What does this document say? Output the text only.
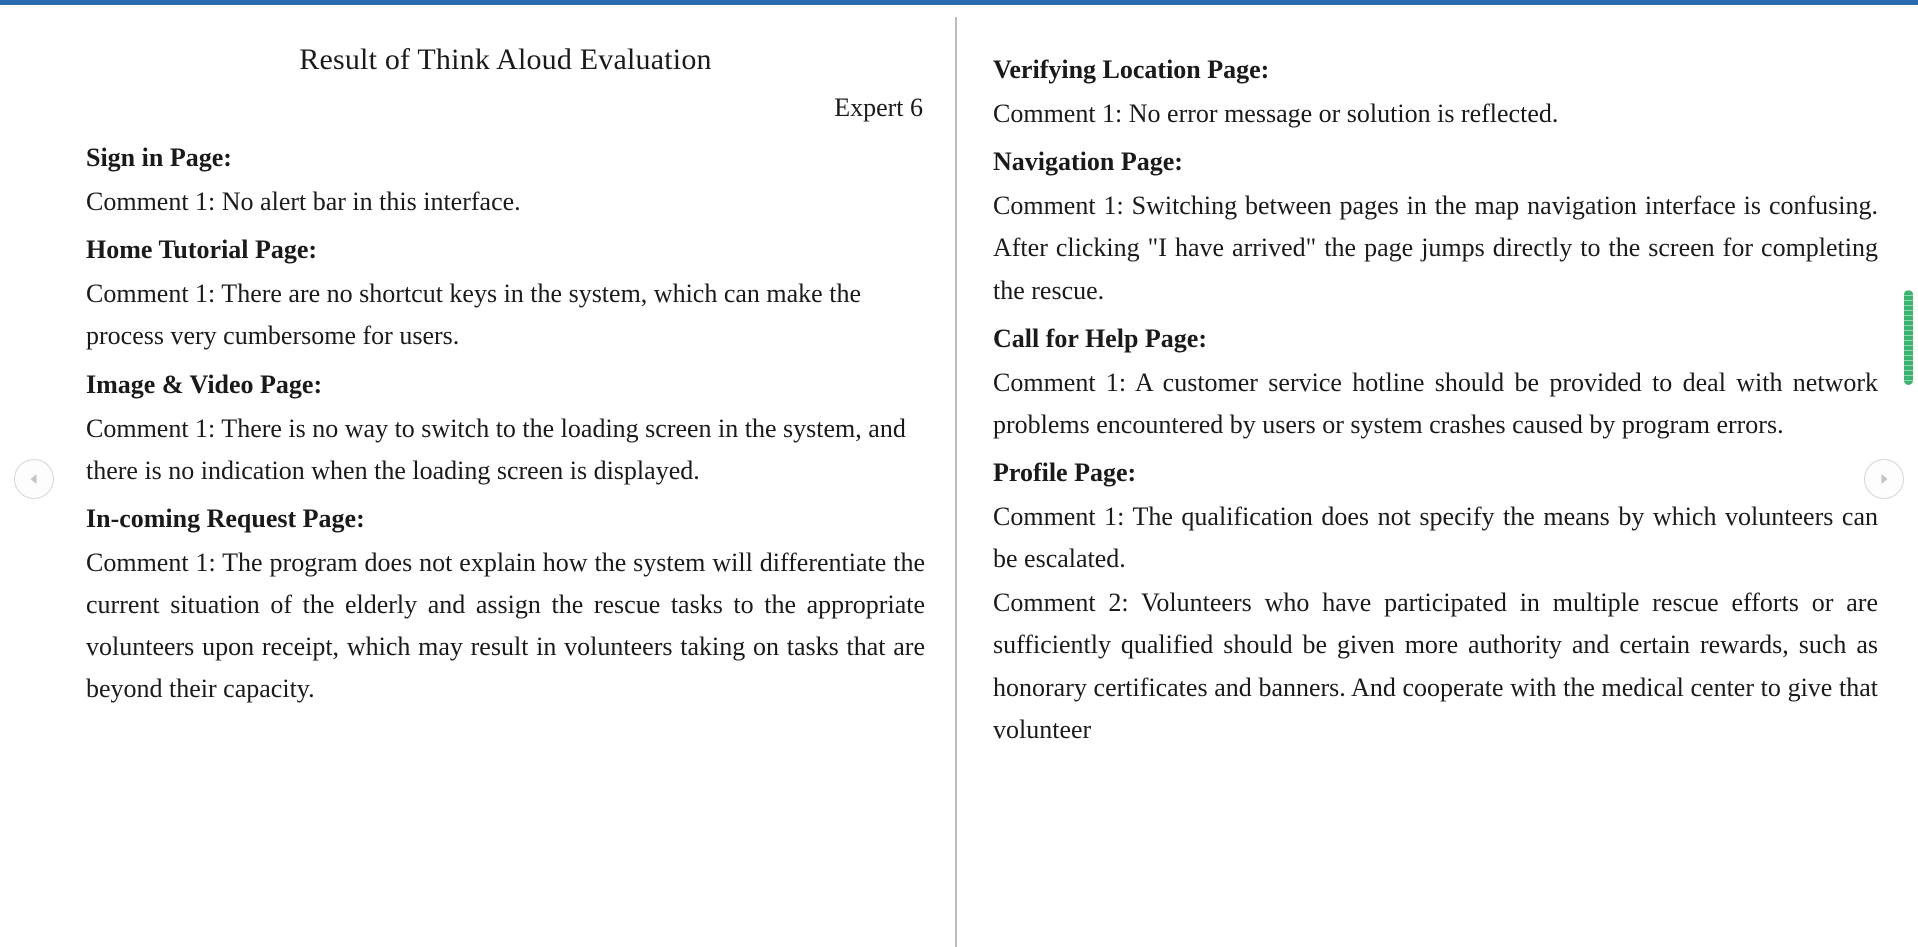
Result of Think Aloud Evaluation
Expert 6
Sign in Page:
Comment 1: No alert bar in this interface.
Home Tutorial Page:
Comment 1: There are no shortcut keys in the system, which can make the process very cumbersome for users.
Image & Video Page:
Comment 1: There is no way to switch to the loading screen in the system, and there is no indication when the loading screen is displayed.
In-coming Request Page:
Comment 1: The program does not explain how the system will differentiate the current situation of the elderly and assign the rescue tasks to the appropriate volunteers upon receipt, which may result in volunteers taking on tasks that are beyond their capacity.
Verifying Location Page:
Comment 1: No error message or solution is reflected.
Navigation Page:
Comment 1: Switching between pages in the map navigation interface is confusing. After clicking "I have arrived" the page jumps directly to the screen for completing the rescue.
Call for Help Page:
Comment 1: A customer service hotline should be provided to deal with network problems encountered by users or system crashes caused by program errors.
Profile Page:
Comment 1: The qualification does not specify the means by which volunteers can be escalated.
Comment 2: Volunteers who have participated in multiple rescue efforts or are sufficiently qualified should be given more authority and certain rewards, such as honorary certificates and banners. And cooperate with the medical center to give that volunteer
